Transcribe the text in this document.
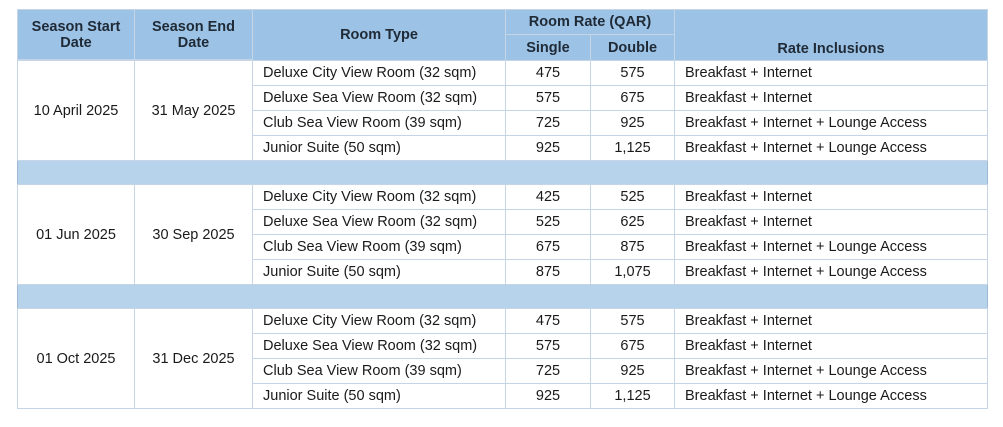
Season Start Date	Season End Date	Room Type	Room Rate (QAR)		Rate Inclusions
			Single	Double	

10 April 2025	31 May 2025	Deluxe City View Room (32 sqm)	475	575	Breakfast + Internet
		Deluxe Sea View Room (32 sqm)	575	675	Breakfast + Internet
		Club Sea View Room (39 sqm)	725	925	Breakfast + Internet + Lounge Access
		Junior Suite (50 sqm)	925	1,125	Breakfast + Internet + Lounge Access

01 Jun 2025	30 Sep 2025	Deluxe City View Room (32 sqm)	425	525	Breakfast + Internet
		Deluxe Sea View Room (32 sqm)	525	625	Breakfast + Internet
		Club Sea View Room (39 sqm)	675	875	Breakfast + Internet + Lounge Access
		Junior Suite (50 sqm)	875	1,075	Breakfast + Internet + Lounge Access

01 Oct 2025	31 Dec 2025	Deluxe City View Room (32 sqm)	475	575	Breakfast + Internet
		Deluxe Sea View Room (32 sqm)	575	675	Breakfast + Internet
		Club Sea View Room (39 sqm)	725	925	Breakfast + Internet + Lounge Access
		Junior Suite (50 sqm)	925	1,125	Breakfast + Internet + Lounge Access
